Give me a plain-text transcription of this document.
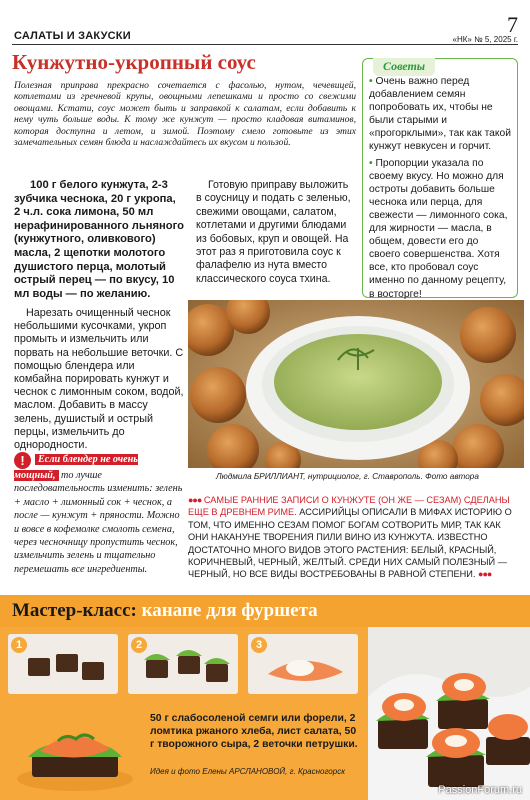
САЛАТЫ И ЗАКУСКИ	7
«НК» № 5, 2025 г.
Кунжутно-укропный соус
Полезная приправа прекрасно сочетается с фасолью, нутом, чечевицей, котлетами из гречневой крупы, овощными лепешками и просто со свежими овощами. Кстати, соус может быть и заправкой к салатам, если добавить к нему чуть больше воды. К тому же кунжут — просто кладовая витаминов, которая доступна и летом, и зимой. Поэтому смело готовьте из этих замечательных семян блюда и наслаждайтесь их вкусом и пользой.

100 г белого кунжута, 2-3 зубчика чеснока, 20 г укропа, 2 ч.л. сока лимона, 50 мл нерафинированного льняного (кунжутного, оливкового) масла, 2 щепотки молотого душистого перца, молотый острый перец — по вкусу, 10 мл воды — по желанию.

Нарезать очищенный чеснок небольшими кусочками, укроп промыть и измельчить или порвать на небольшие веточки. С помощью блендера или комбайна порировать кунжут и чеснок с лимонным соком, водой, маслом. Добавить в массу зелень, душистый и острый перцы, измельчить до однородности.

! Если блендер не очень мощный, то лучше последовательность изменить: зелень + масло + лимонный сок + чеснок, а после — кунжут + пряности. Можно и вовсе в кофемолке смолоть семена, через чесночницу пропустить чеснок, измельчить зелень и тщательно перемешать все ингредиенты.

Готовую приправу выложить в соусницу и подать с зеленью, свежими овощами, салатом, котлетами и другими блюдами из бобовых, круп и овощей. На этот раз я приготовила соус к фалафелю из нута вместо классического соуса тхина.

Советы

• Очень важно перед добавлением семян попробовать их, чтобы не были старыми и «прогорклыми», так как такой кунжут невкусен и горчит.

• Пропорции указала по своему вкусу. Но можно для остроты добавить больше чеснока или перца, для свежести — лимонного сока, для жирности — масла, в общем, довести его до своего совершенства. Хотя все, кто пробовал соус именно по данному рецепту, в восторге!

Людмила БРИЛЛИАНТ, нутрициолог, г. Ставрополь. Фото автора
●●● САМЫЕ РАННИЕ ЗАПИСИ О КУНЖУТЕ (ОН ЖЕ — СЕЗАМ) СДЕЛАНЫ ЕЩЕ В ДРЕВНЕМ РИМЕ. АССИРИЙЦЫ ОПИСАЛИ В МИФАХ ИСТОРИЮ О ТОМ, ЧТО ИМЕННО СЕЗАМ ПОМОГ БОГАМ СОТВОРИТЬ МИР, ТАК КАК ОНИ НАКАНУНЕ ТВОРЕНИЯ ПИЛИ ВИНО ИЗ КУНЖУТА. ИЗВЕСТНО ДОСТАТОЧНО МНОГО ВИДОВ ЭТОГО РАСТЕНИЯ: БЕЛЫЙ, КРАСНЫЙ, КОРИЧНЕВЫЙ, ЧЕРНЫЙ, ЖЕЛТЫЙ. СРЕДИ НИХ САМЫЙ ПОЛЕЗНЫЙ — ЧЕРНЫЙ, НО ВСЕ ВИДЫ ВОСТРЕБОВАНЫ В РАВНОЙ СТЕПЕНИ. ●●●
Мастер-класс: канапе для фуршета
1	2	3
50 г слабосоленой семги или форели, 2 ломтика ржаного хлеба, лист салата, 50 г творожного сыра, 2 веточки петрушки.
Идея и фото Елены АРСЛАНОВОЙ, г. Красногорск
PassionForum.ru
